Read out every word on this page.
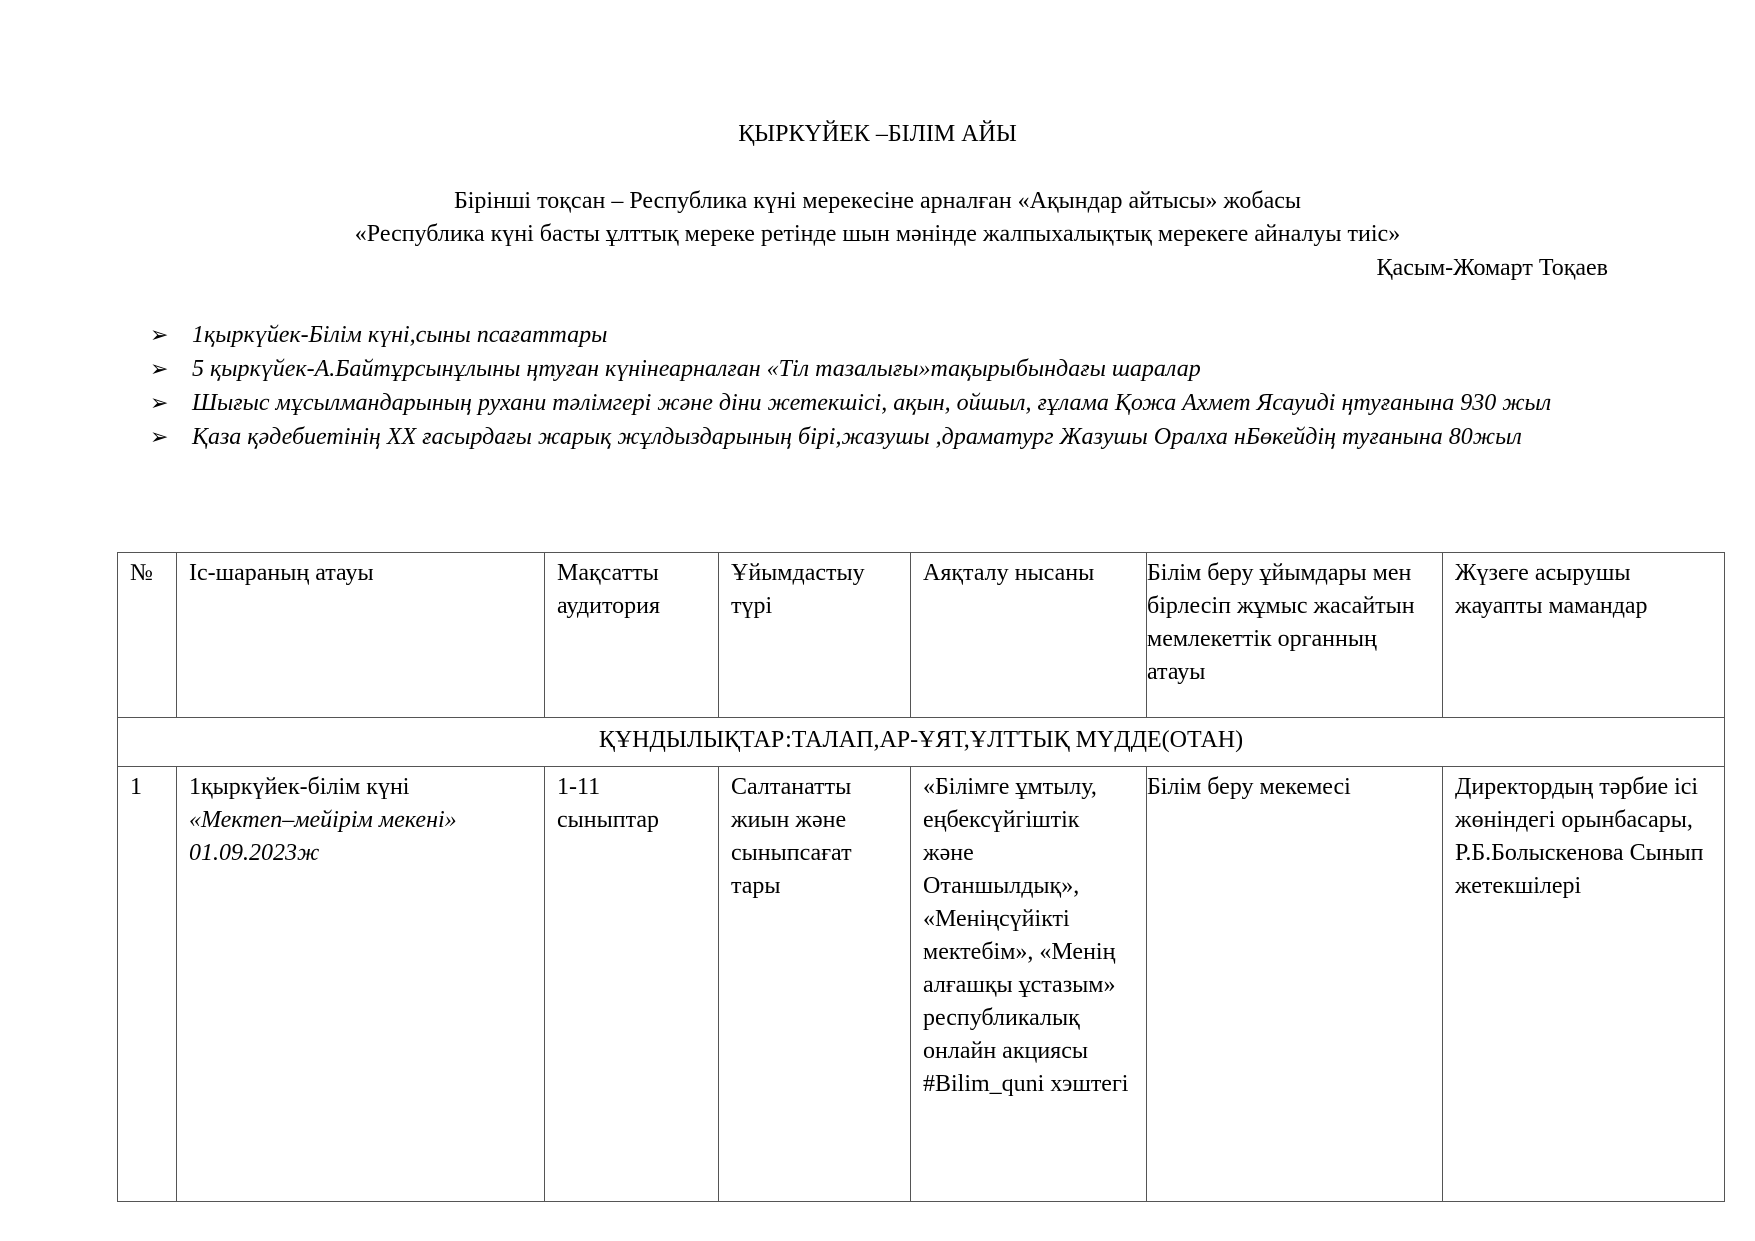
ҚЫРКҮЙЕК –БІЛІМ АЙЫ
Бірінші тоқсан – Республика күні мерекесіне арналған «Ақындар айтысы» жобасы
«Республика күні басты ұлттық мереке ретінде шын мәнінде жалпыхалықтық мерекеге айналуы тиіс»
Қасым-Жомарт Тоқаев
➢ 1қыркүйек-Білім күні,сыны псағаттары
➢ 5 қыркүйек-А.Байтұрсынұлыны ңтуған күнінеарналған «Тіл тазалығы»тақырыбындағы шаралар
➢ Шығыс мұсылмандарының рухани тәлімгері және діни жетекшісі, ақын, ойшыл, ғұлама Қожа Ахмет Ясауиді ңтуғанына 930 жыл
➢ Қаза қәдебиетінің ХХ ғасырдағы жарық жұлдыздарының бірі,жазушы ,драматург Жазушы Оралха нБөкейдің туғанына 80жыл
№	Іс-шараның атауы	Мақсатты аудитория	Ұйымдастыу түрі	Аяқталу нысаны	Білім беру ұйымдары мен бірлесіп жұмыс жасайтын мемлекеттік органның атауы	Жүзеге асырушы жауапты мамандар
ҚҰНДЫЛЫҚТАР:ТАЛАП,АР-ҰЯТ,ҰЛТТЫҚ МҮДДЕ(ОТАН)						
1	1қыркүйек-білім күні
«Мектеп–мейірім мекені»
01.09.2023ж	1-11 сыныптар	Салтанатты жиын және сыныпсағат тары	«Білімге ұмтылу, еңбексүйгіштік және Отаншылдық», «Меніңсүйікті мектебім», «Менің алғашқы ұстазым» республикалық онлайн акциясы #Bilim_quni хэштегі	Білім беру мекемесі	Директордың тәрбие ісі жөніндегі орынбасары, Р.Б.Болыскенова Сынып жетекшілері
